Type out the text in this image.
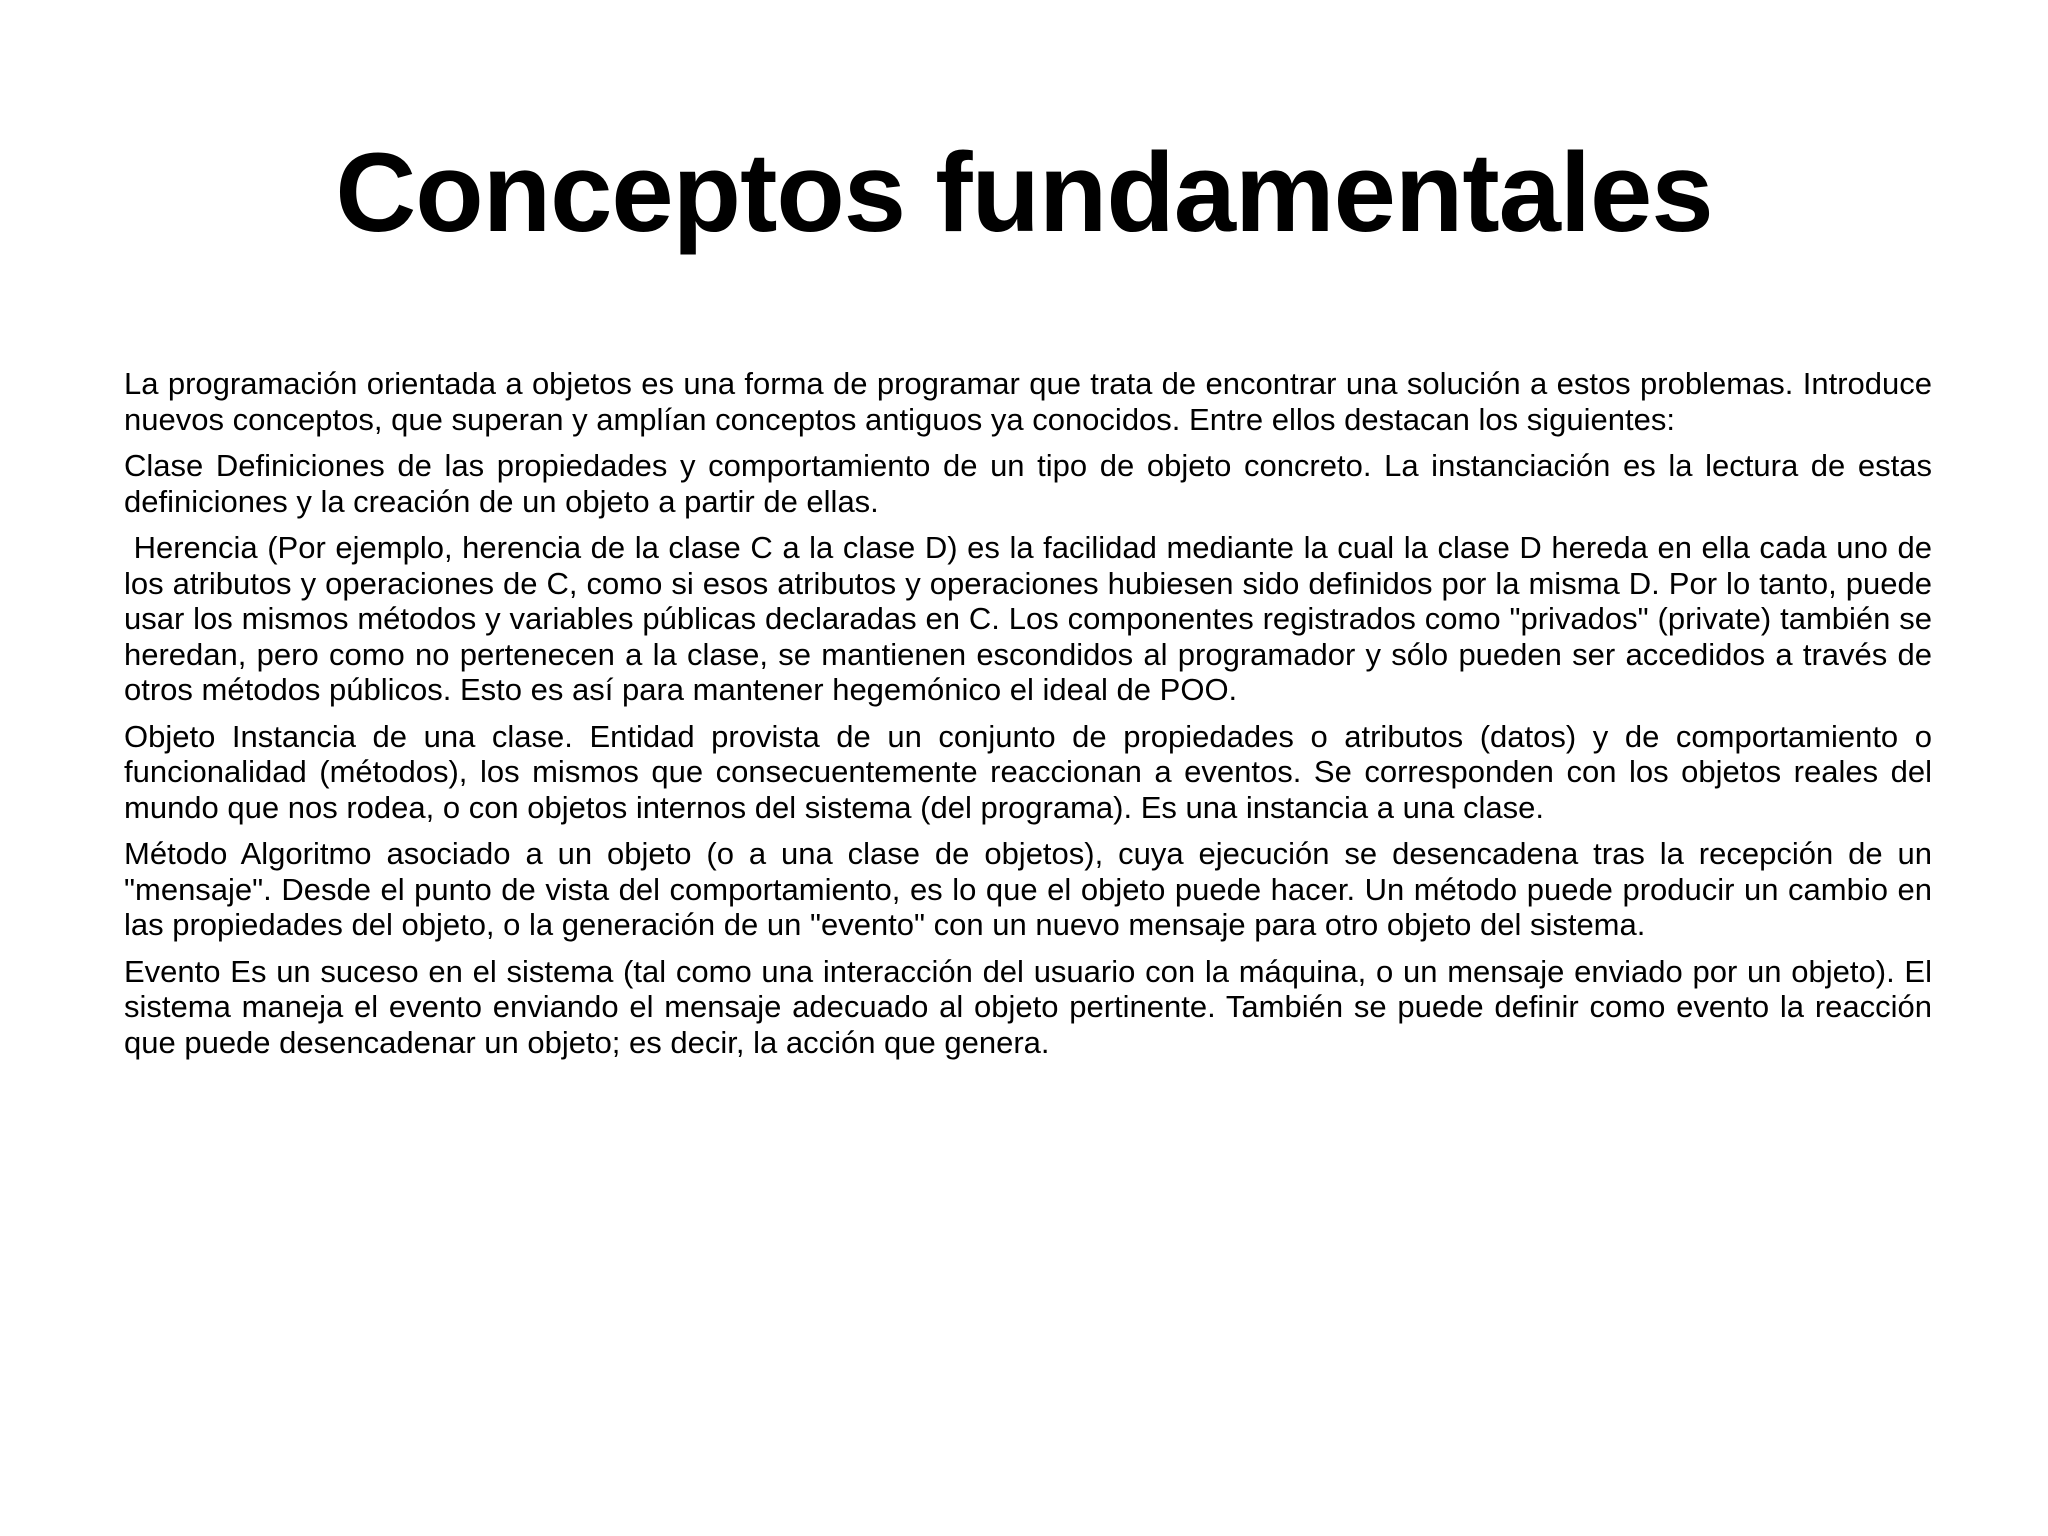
Conceptos fundamentales

La programación orientada a objetos es una forma de programar que trata de encontrar una solución a estos problemas. Introduce nuevos conceptos, que superan y amplían conceptos antiguos ya conocidos. Entre ellos destacan los siguientes:

Clase Definiciones de las propiedades y comportamiento de un tipo de objeto concreto. La instanciación es la lectura de estas definiciones y la creación de un objeto a partir de ellas.

Herencia (Por ejemplo, herencia de la clase C a la clase D) es la facilidad mediante la cual la clase D hereda en ella cada uno de los atributos y operaciones de C, como si esos atributos y operaciones hubiesen sido definidos por la misma D. Por lo tanto, puede usar los mismos métodos y variables públicas declaradas en C. Los componentes registrados como "privados" (private) también se heredan, pero como no pertenecen a la clase, se mantienen escondidos al programador y sólo pueden ser accedidos a través de otros métodos públicos. Esto es así para mantener hegemónico el ideal de POO.

Objeto Instancia de una clase. Entidad provista de un conjunto de propiedades o atributos (datos) y de comportamiento o funcionalidad (métodos), los mismos que consecuentemente reaccionan a eventos. Se corresponden con los objetos reales del mundo que nos rodea, o con objetos internos del sistema (del programa). Es una instancia a una clase.

Método Algoritmo asociado a un objeto (o a una clase de objetos), cuya ejecución se desencadena tras la recepción de un "mensaje". Desde el punto de vista del comportamiento, es lo que el objeto puede hacer. Un método puede producir un cambio en las propiedades del objeto, o la generación de un "evento" con un nuevo mensaje para otro objeto del sistema.

Evento Es un suceso en el sistema (tal como una interacción del usuario con la máquina, o un mensaje enviado por un objeto). El sistema maneja el evento enviando el mensaje adecuado al objeto pertinente. También se puede definir como evento la reacción que puede desencadenar un objeto; es decir, la acción que genera.
